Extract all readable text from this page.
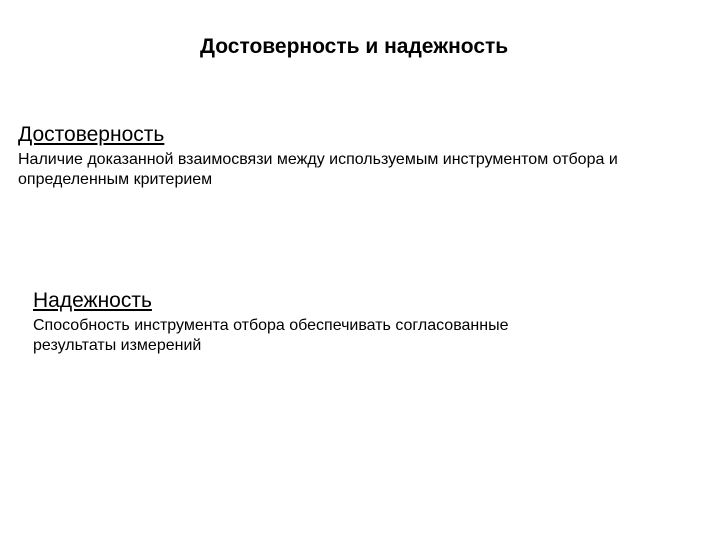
Достоверность и надежность
Достоверность

Наличие доказанной взаимосвязи между используемым инструментом отбора и определенным критерием

Надежность

Способность инструмента отбора обеспечивать согласованные результаты измерений
